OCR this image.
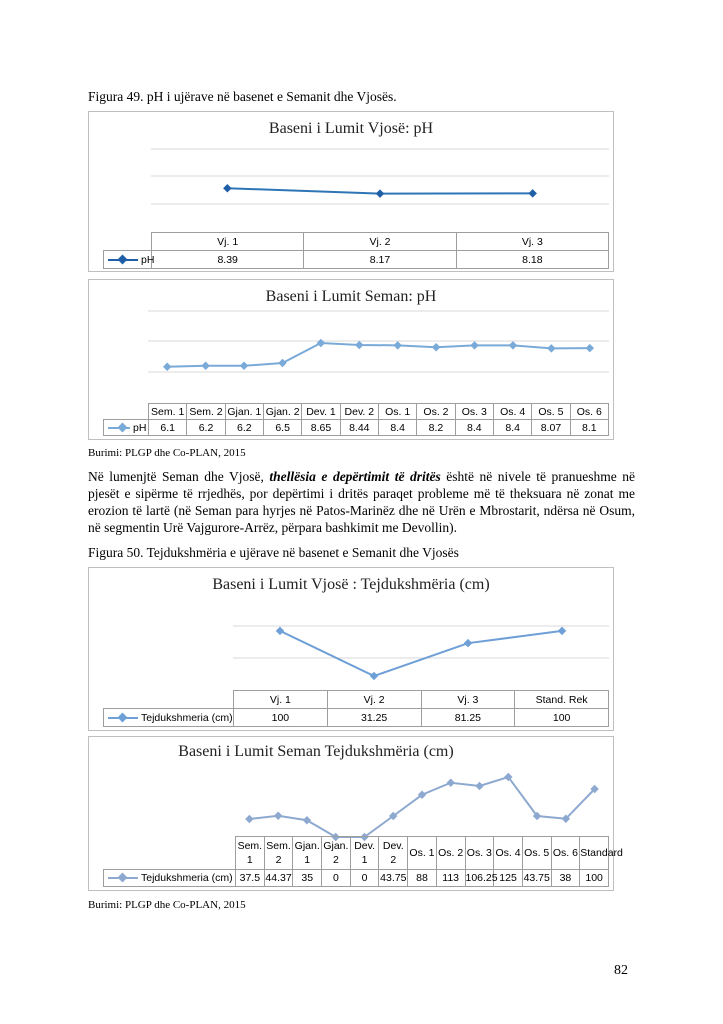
Figura 49. pH i ujërave në basenet e Semanit dhe Vjosës.
Baseni i Lumit Vjosë: pH
	Vj. 1	Vj. 2	Vj. 3
pH	8.39	8.17	8.18
Baseni i Lumit Seman: pH
	Sem. 1	Sem. 2	Gjan. 1	Gjan. 2	Dev. 1	Dev. 2	Os. 1	Os. 2	Os. 3	Os. 4	Os. 5	Os. 6
pH	6.1	6.2	6.2	6.5	8.65	8.44	8.4	8.2	8.4	8.4	8.07	8.1
Burimi: PLGP dhe Co-PLAN, 2015
Në lumenjtë Seman dhe Vjosë, thellësia e depërtimit të dritës është në nivele të pranueshme në pjesët e sipërme të rrjedhës, por depërtimi i dritës paraqet probleme më të theksuara në zonat me erozion të lartë (në Seman para hyrjes në Patos-Marinëz dhe në Urën e Mbrostarit, ndërsa në Osum, në segmentin Urë Vajgurore-Arrëz, përpara bashkimit me Devollin).
Figura 50. Tejdukshmëria e ujërave në basenet e Semanit dhe Vjosës
Baseni i Lumit Vjosë : Tejdukshmëria (cm)
	Vj. 1	Vj. 2	Vj. 3	Stand. Rek
Tejdukshmeria (cm)	100	31.25	81.25	100
Baseni i Lumit Seman Tejdukshmëria (cm)
	Sem. 1	Sem. 2	Gjan. 1	Gjan. 2	Dev. 1	Dev. 2	Os. 1	Os. 2	Os. 3	Os. 4	Os. 5	Os. 6	Standard
Tejdukshmeria (cm)	37.5	44.37	35	0	0	43.75	88	113	106.25	125	43.75	38	100
Burimi: PLGP dhe Co-PLAN, 2015
82
